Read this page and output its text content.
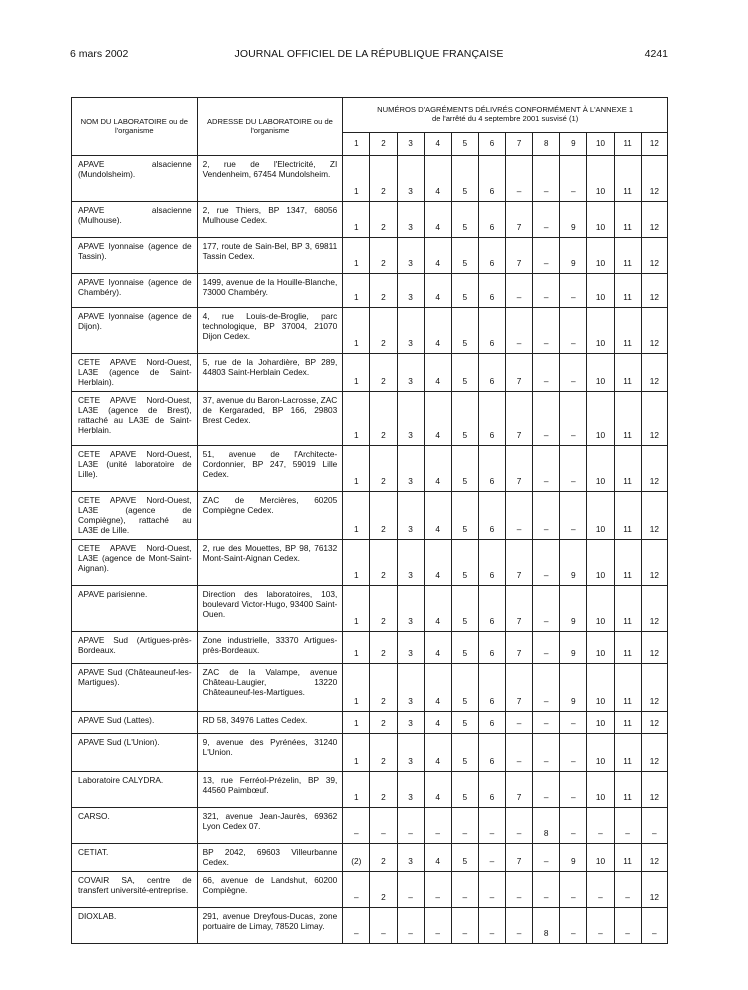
6 mars 2002	JOURNAL OFFICIEL DE LA RÉPUBLIQUE FRANÇAISE	4241
NOM DU LABORATOIRE ou de l'organisme	ADRESSE DU LABORATOIRE ou de l'organisme	NUMÉROS D'AGRÉMENTS DÉLIVRÉS CONFORMÉMENT À L'ANNEXE 1
de l'arrêté du 4 septembre 2001 susvisé (1)											

		1	2	3	4	5	6	7	8	9	10	11	12
APAVE alsacienne (Mundolsheim).	2, rue de l'Electricité, ZI Vendenheim, 67454 Mundolsheim.	1	2	3	4	5	6	–	–	–	10	11	12
APAVE alsacienne (Mulhouse).	2, rue Thiers, BP 1347, 68056 Mulhouse Cedex.	1	2	3	4	5	6	7	–	9	10	11	12
APAVE lyonnaise (agence de Tassin).	177, route de Sain-Bel, BP 3, 69811 Tassin Cedex.	1	2	3	4	5	6	7	–	9	10	11	12
APAVE lyonnaise (agence de Chambéry).	1499, avenue de la Houille-Blanche, 73000 Chambéry.	1	2	3	4	5	6	–	–	–	10	11	12
APAVE lyonnaise (agence de Dijon).	4, rue Louis-de-Broglie, parc technologique, BP 37004, 21070 Dijon Cedex.	1	2	3	4	5	6	–	–	–	10	11	12
CETE APAVE Nord-Ouest, LA3E (agence de Saint-Herblain).	5, rue de la Johardière, BP 289, 44803 Saint-Herblain Cedex.	1	2	3	4	5	6	7	–	–	10	11	12
CETE APAVE Nord-Ouest, LA3E (agence de Brest), rattaché au LA3E de Saint-Herblain.	37, avenue du Baron-Lacrosse, ZAC de Kergaraded, BP 166, 29803 Brest Cedex.	1	2	3	4	5	6	7	–	–	10	11	12
CETE APAVE Nord-Ouest, LA3E (unité laboratoire de Lille).	51, avenue de l'Architecte-Cordonnier, BP 247, 59019 Lille Cedex.	1	2	3	4	5	6	7	–	–	10	11	12
CETE APAVE Nord-Ouest, LA3E (agence de Compiègne), rattaché au LA3E de Lille.	ZAC de Mercières, 60205 Compiègne Cedex.	1	2	3	4	5	6	–	–	–	10	11	12
CETE APAVE Nord-Ouest, LA3E (agence de Mont-Saint-Aignan).	2, rue des Mouettes, BP 98, 76132 Mont-Saint-Aignan Cedex.	1	2	3	4	5	6	7	–	9	10	11	12
APAVE parisienne.	Direction des laboratoires, 103, boulevard Victor-Hugo, 93400 Saint-Ouen.	1	2	3	4	5	6	7	–	9	10	11	12
APAVE Sud (Artigues-près-Bordeaux.	Zone industrielle, 33370 Artigues-près-Bordeaux.	1	2	3	4	5	6	7	–	9	10	11	12
APAVE Sud (Châteauneuf-les-Martigues).	ZAC de la Valampe, avenue Château-Laugier, 13220 Châteauneuf-les-Martigues.	1	2	3	4	5	6	7	–	9	10	11	12
APAVE Sud (Lattes).	RD 58, 34976 Lattes Cedex.	1	2	3	4	5	6	–	–	–	10	11	12
APAVE Sud (L'Union).	9, avenue des Pyrénées, 31240 L'Union.	1	2	3	4	5	6	–	–	–	10	11	12
Laboratoire CALYDRA.	13, rue Ferréol-Prézelin, BP 39, 44560 Paimbœuf.	1	2	3	4	5	6	7	–	–	10	11	12
CARSO.	321, avenue Jean-Jaurès, 69362 Lyon Cedex 07.	–	–	–	–	–	–	–	8	–	–	–	–
CETIAT.	BP 2042, 69603 Villeurbanne Cedex.	(2)	2	3	4	5	–	7	–	9	10	11	12
COVAIR SA, centre de transfert université-entreprise.	66, avenue de Landshut, 60200 Compiègne.	–	2	–	–	–	–	–	–	–	–	–	12
DIOXLAB.	291, avenue Dreyfous-Ducas, zone portuaire de Limay, 78520 Limay.	–	–	–	–	–	–	–	8	–	–	–	–
